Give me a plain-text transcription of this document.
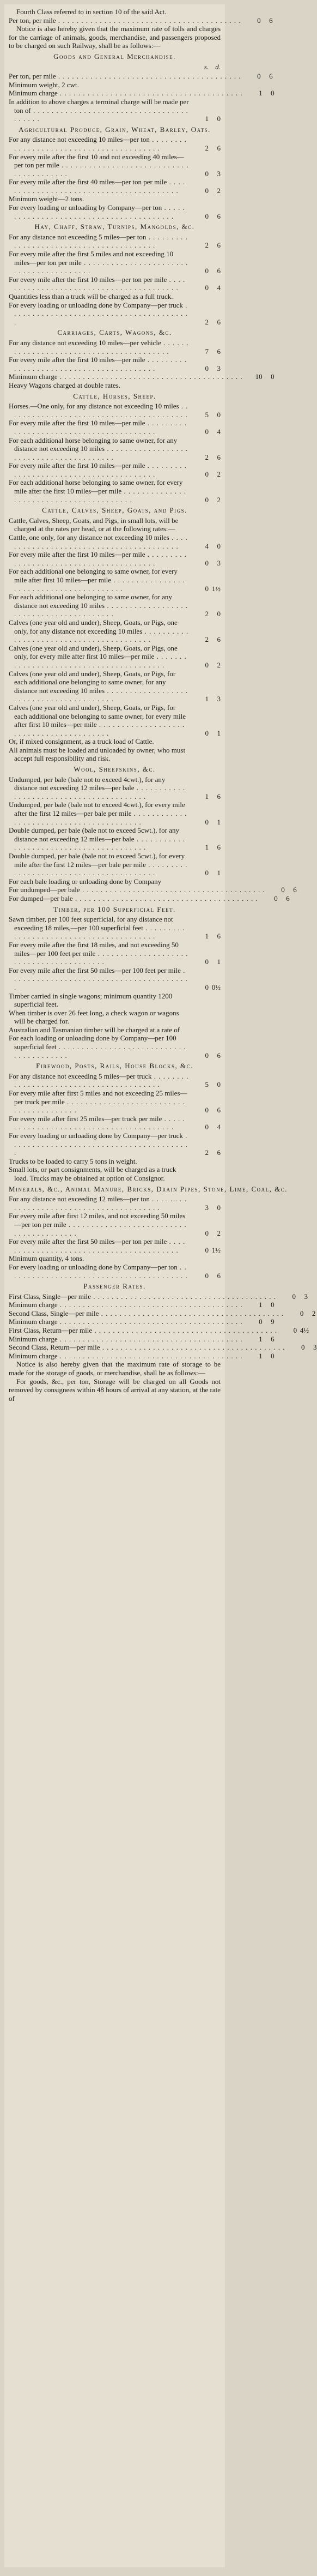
Fourth Class referred to in section 10 of the said Act.

Per ton, per mile . . .	0	6

Notice is also hereby given that the maximum rate of tolls and charges for the carriage of animals, goods, merchandise, and passengers proposed to be charged on such Railway, shall be as follows:—

Goods and General Merchandise.
s. d.
Per ton, per mile . . .	0	6
Minimum weight, 2 cwt.
Minimum charge . . .	1	0
In addition to above charges a terminal charge will be made per ton of . . .
1	0
Agricultural Produce, Grain, Wheat, Barley, Oats.
For any distance not exceeding 10 miles—per ton . . .
2	6
For every mile after the first 10 and not exceeding 40 miles—per ton per mile . . .
0	3
For every mile after the first 40 miles—per ton per mile . . .
0	2
Minimum weight—2 tons.
For every loading or unloading by Company—per ton . . .
0	6
Hay, Chaff, Straw, Turnips, Mangolds, &c.
For any distance not exceeding 5 miles—per ton . . .
2	6
For every mile after the first 5 miles and not exceeding 10 miles—per ton per mile . . .
0	6
For every mile after the first 10 miles—per ton per mile . . .
0	4
Quantities less than a truck will be charged as a full truck.
For every loading or unloading done by Company—per truck . . .
2	6
Carriages, Carts, Wagons, &c.
For any distance not exceeding 10 miles—per vehicle . . .
7	6
For every mile after the first 10 miles—per mile . . .
0	3
Minimum charge . . .	10	0
Heavy Wagons charged at double rates.
Cattle, Horses, Sheep.
Horses.—One only, for any distance not exceeding 10 miles . . .
5	0
For every mile after the first 10 miles—per mile . . .
0	4
For each additional horse belonging to same owner, for any distance not exceeding 10 miles . . .
2	6
For every mile after the first 10 miles—per mile . . .
0	2
For each additional horse belonging to same owner, for every mile after the first 10 miles—per mile . . .
0	2
Cattle, Calves, Sheep, Goats, and Pigs.
Cattle, Calves, Sheep, Goats, and Pigs, in small lots, will be charged at the rates per head, or at the following rates:—
Cattle, one only, for any distance not exceeding 10 miles . . .
4	0
For every mile after the first 10 miles—per mile . . .
0	3
For each additional one belonging to same owner, for every mile after first 10 miles—per mile . . .
0 1½
For each additional one belonging to same owner, for any distance not exceeding 10 miles . . .
2	0
Calves (one year old and under), Sheep, Goats, or Pigs, one only, for any distance not exceeding 10 miles . . .
2	6
Calves (one year old and under), Sheep, Goats, or Pigs, one only, for every mile after first 10 miles—per mile . . .
0	2
Calves (one year old and under), Sheep, Goats, or Pigs, for each additional one belonging to same owner, for any distance not exceeding 10 miles . . .
1	3
Calves (one year old and under), Sheep, Goats, or Pigs, for each additional one belonging to same owner, for every mile after first 10 miles—per mile . . .
0	1
Or, if mixed consignment, as a truck load of Cattle.
All animals must be loaded and unloaded by owner, who must accept full responsibility and risk.
Wool, Sheepskins, &c.
Undumped, per bale (bale not to exceed 4cwt.), for any distance not exceeding 12 miles—per bale . . .
1	6
Undumped, per bale (bale not to exceed 4cwt.), for every mile after the first 12 miles—per bale per mile . . .
0	1
Double dumped, per bale (bale not to exceed 5cwt.), for any distance not exceeding 12 miles—per bale . . .
1	6
Double dumped, per bale (bale not to exceed 5cwt.), for every mile after the first 12 miles—per bale per mile . . .
0	1
For each bale loading or unloading done by Company
For undumped—per bale . . .	0	6
For dumped—per bale . . .	0	6
Timber, per 100 Superficial Feet.
Sawn timber, per 100 feet superficial, for any distance not exceeding 18 miles,—per 100 superficial feet . . .
1	6
For every mile after the first 18 miles, and not exceeding 50 miles—per 100 feet per mile . . .
0	1
For every mile after the first 50 miles—per 100 feet per mile . . .
0 0½
Timber carried in single wagons; minimum quantity 1200 superficial feet.
When timber is over 26 feet long, a check wagon or wagons will be charged for.
Australian and Tasmanian timber will be charged at a rate of
For each loading or unloading done by Company—per 100 superficial feet . . .
0	6
Firewood, Posts, Rails, House Blocks, &c.
For any distance not exceeding 5 miles—per truck . . .
5	0
For every mile after first 5 miles and not exceeding 25 miles—per truck per mile . . .
0	6
For every mile after first 25 miles—per truck per mile . . .
0	4
For every loading or unloading done by Company—per truck . . .
2	6
Trucks to be loaded to carry 5 tons in weight.
Small lots, or part consignments, will be charged as a truck load. Trucks may be obtained at option of Consignor.
Minerals, &c., Animal Manure, Bricks, Drain Pipes, Stone, Lime, Coal, &c.
For any distance not exceeding 12 miles—per ton . . .
3	0
For every mile after first 12 miles, and not exceeding 50 miles—per ton per mile . . .
0	2
For every mile after the first 50 miles—per ton per mile . . .
0 1½
Minimum quantity, 4 tons.
For every loading or unloading done by Company—per ton . . .
0	6
Passenger Rates.
First Class, Single—per mile . . .	0	3
Minimum charge . . .	1	0
Second Class, Single—per mile . . .	0	2
Minimum charge . . .	0	9
First Class, Return—per mile . . .	0 4½
Minimum charge . . .	1	6
Second Class, Return—per mile . . .	0	3
Minimum charge . . .	1	0

Notice is also hereby given that the maximum rate of storage to be made for the storage of goods, or merchandise, shall be as follows:—

For goods, &c., per ton, Storage will be charged on all Goods not removed by consignees within 48 hours of arrival at any station, at the rate of
